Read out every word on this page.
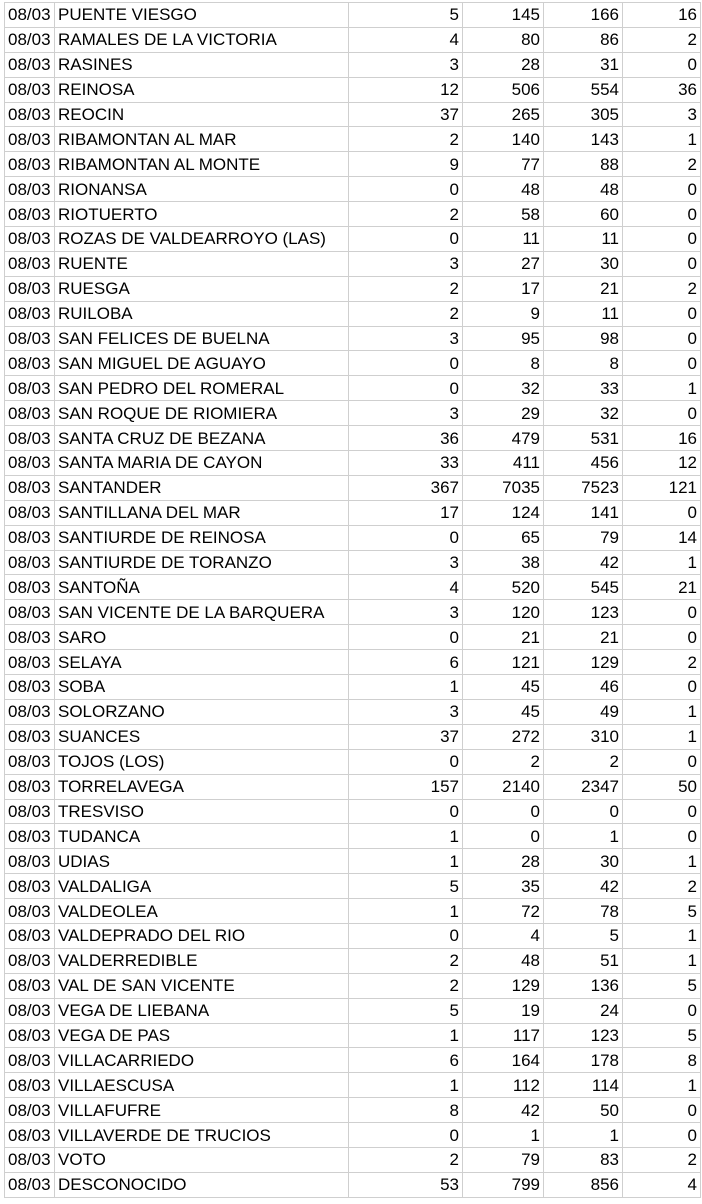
08/03	PUENTE VIESGO	5	145	166	16
08/03	RAMALES DE LA VICTORIA	4	80	86	2
08/03	RASINES	3	28	31	0
08/03	REINOSA	12	506	554	36
08/03	REOCIN	37	265	305	3
08/03	RIBAMONTAN AL MAR	2	140	143	1
08/03	RIBAMONTAN AL MONTE	9	77	88	2
08/03	RIONANSA	0	48	48	0
08/03	RIOTUERTO	2	58	60	0
08/03	ROZAS DE VALDEARROYO (LAS)	0	11	11	0
08/03	RUENTE	3	27	30	0
08/03	RUESGA	2	17	21	2
08/03	RUILOBA	2	9	11	0
08/03	SAN FELICES DE BUELNA	3	95	98	0
08/03	SAN MIGUEL DE AGUAYO	0	8	8	0
08/03	SAN PEDRO DEL ROMERAL	0	32	33	1
08/03	SAN ROQUE DE RIOMIERA	3	29	32	0
08/03	SANTA CRUZ DE BEZANA	36	479	531	16
08/03	SANTA MARIA DE CAYON	33	411	456	12
08/03	SANTANDER	367	7035	7523	121
08/03	SANTILLANA DEL MAR	17	124	141	0
08/03	SANTIURDE DE REINOSA	0	65	79	14
08/03	SANTIURDE DE TORANZO	3	38	42	1
08/03	SANTOÑA	4	520	545	21
08/03	SAN VICENTE DE LA BARQUERA	3	120	123	0
08/03	SARO	0	21	21	0
08/03	SELAYA	6	121	129	2
08/03	SOBA	1	45	46	0
08/03	SOLORZANO	3	45	49	1
08/03	SUANCES	37	272	310	1
08/03	TOJOS (LOS)	0	2	2	0
08/03	TORRELAVEGA	157	2140	2347	50
08/03	TRESVISO	0	0	0	0
08/03	TUDANCA	1	0	1	0
08/03	UDIAS	1	28	30	1
08/03	VALDALIGA	5	35	42	2
08/03	VALDEOLEA	1	72	78	5
08/03	VALDEPRADO DEL RIO	0	4	5	1
08/03	VALDERREDIBLE	2	48	51	1
08/03	VAL DE SAN VICENTE	2	129	136	5
08/03	VEGA DE LIEBANA	5	19	24	0
08/03	VEGA DE PAS	1	117	123	5
08/03	VILLACARRIEDO	6	164	178	8
08/03	VILLAESCUSA	1	112	114	1
08/03	VILLAFUFRE	8	42	50	0
08/03	VILLAVERDE DE TRUCIOS	0	1	1	0
08/03	VOTO	2	79	83	2
08/03	DESCONOCIDO	53	799	856	4
